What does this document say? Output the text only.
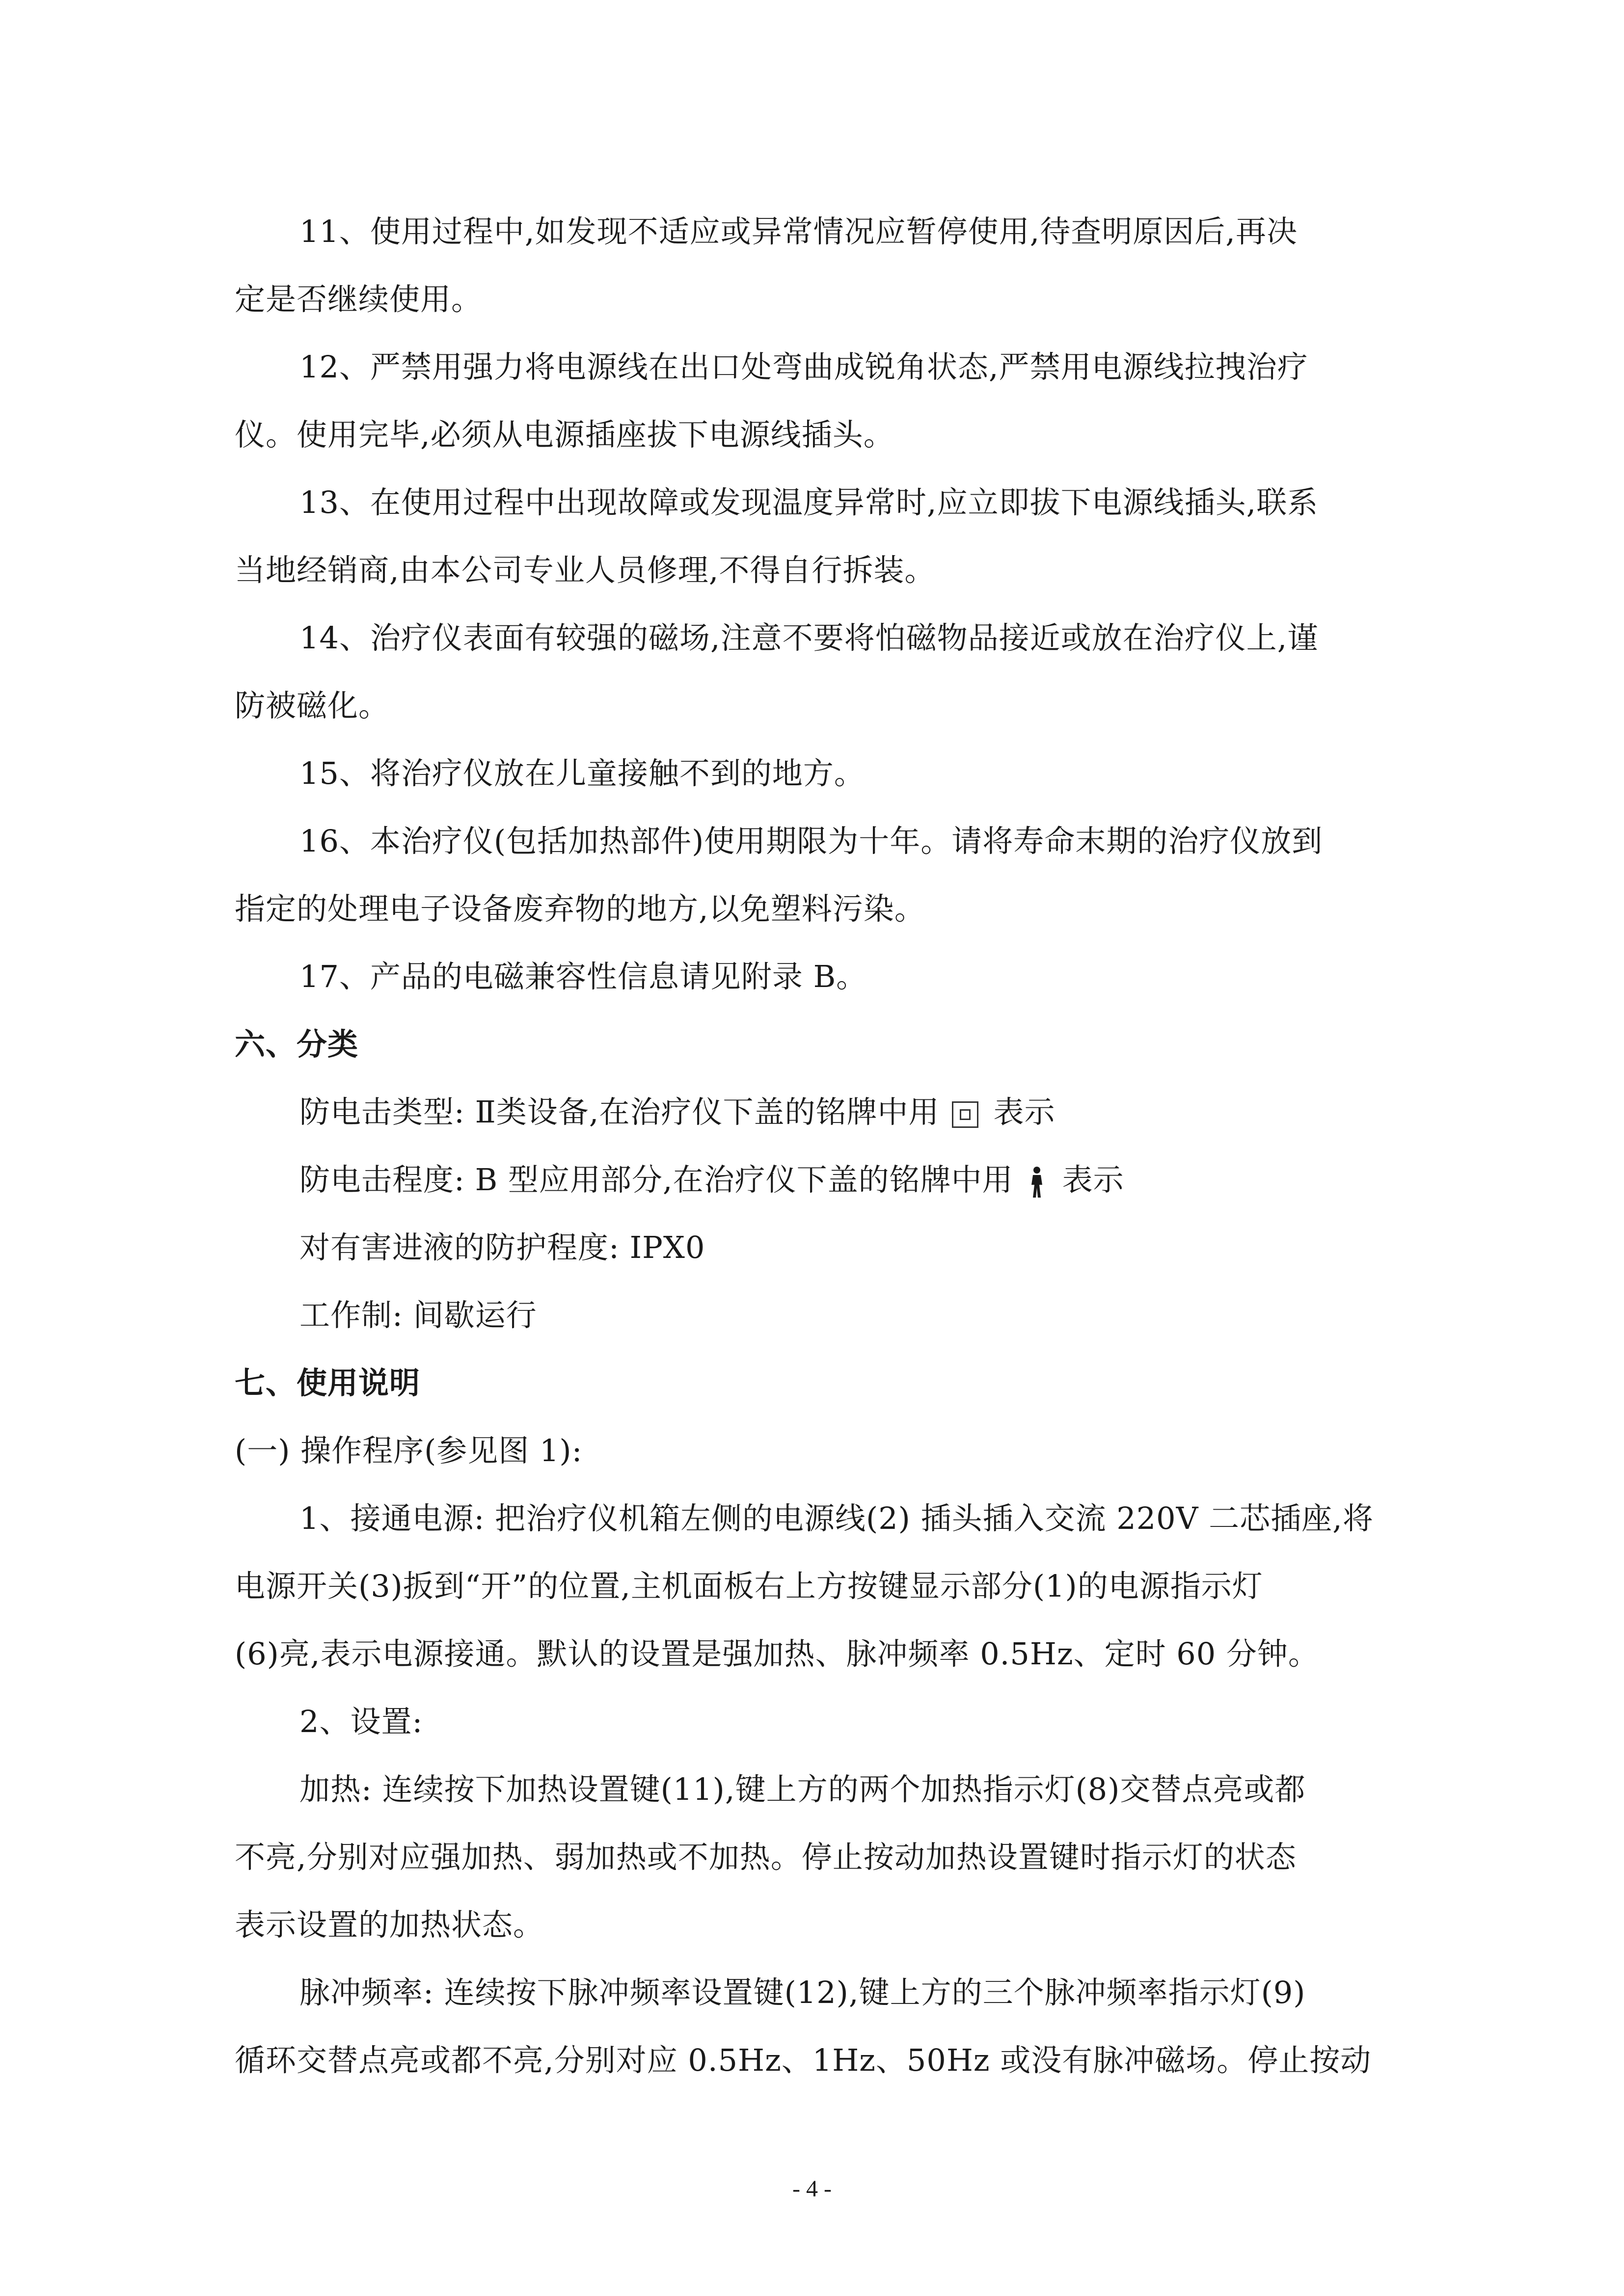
11、使用过程中,如发现不适应或异常情况应暂停使用,待查明原因后,再决
定是否继续使用。
12、严禁用强力将电源线在出口处弯曲成锐角状态,严禁用电源线拉拽治疗
仪。使用完毕,必须从电源插座拔下电源线插头。
13、在使用过程中出现故障或发现温度异常时,应立即拔下电源线插头,联系
当地经销商,由本公司专业人员修理,不得自行拆装。
14、治疗仪表面有较强的磁场,注意不要将怕磁物品接近或放在治疗仪上,谨
防被磁化。
15、将治疗仪放在儿童接触不到的地方。
16、本治疗仪(包括加热部件)使用期限为十年。请将寿命末期的治疗仪放到
指定的处理电子设备废弃物的地方,以免塑料污染。
17、产品的电磁兼容性信息请见附录 B。
六、分类
防电击类型: Ⅱ类设备,在治疗仪下盖的铭牌中用 表示
防电击程度: B 型应用部分,在治疗仪下盖的铭牌中用 表示
对有害进液的防护程度: IPX0
工作制: 间歇运行
七、使用说明
(一) 操作程序(参见图 1):
1、接通电源: 把治疗仪机箱左侧的电源线(2) 插头插入交流 220V 二芯插座,将
电源开关(3)扳到“开”的位置,主机面板右上方按键显示部分(1)的电源指示灯
(6)亮,表示电源接通。默认的设置是强加热、脉冲频率 0.5Hz、定时 60 分钟。
2、设置:
加热: 连续按下加热设置键(11),键上方的两个加热指示灯(8)交替点亮或都
不亮,分别对应强加热、弱加热或不加热。停止按动加热设置键时指示灯的状态
表示设置的加热状态。
脉冲频率: 连续按下脉冲频率设置键(12),键上方的三个脉冲频率指示灯(9)
循环交替点亮或都不亮,分别对应 0.5Hz、1Hz、50Hz 或没有脉冲磁场。停止按动
- 4 -
